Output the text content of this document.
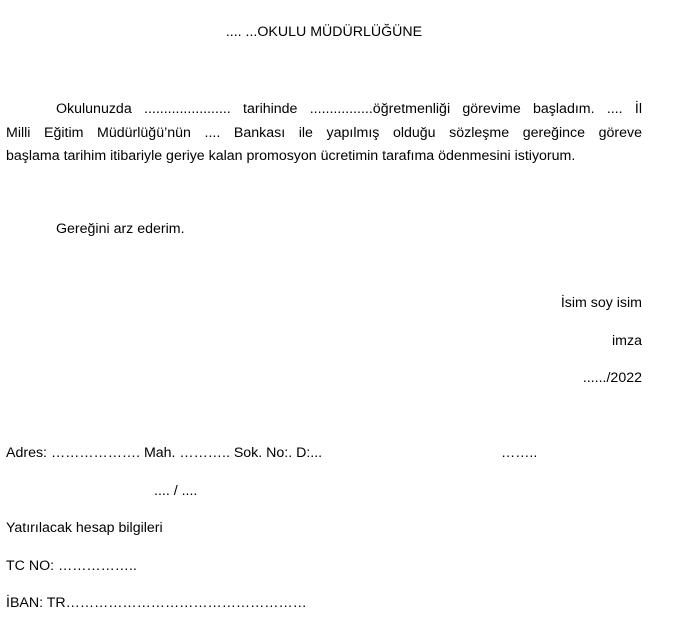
.... ...OKULU MÜDÜRLÜĞÜNE
Okulunuzda ...................... tarihinde ................öğretmenliği görevime başladım. .... İl
Milli Eğitim Müdürlüğü’nün .... Bankası ile yapılmış olduğu sözleşme gereğince göreve
başlama tarihim itibariyle geriye kalan promosyon ücretimin tarafıma ödenmesini istiyorum.
Gereğini arz ederim.
İsim soy isim
imza
....../2022
Adres: ………………. Mah. ……….. Sok. No:. D:...	……..
.... / ....
Yatırılacak hesap bilgileri
TC NO: ……………..
İBAN: TR……………………………………………
